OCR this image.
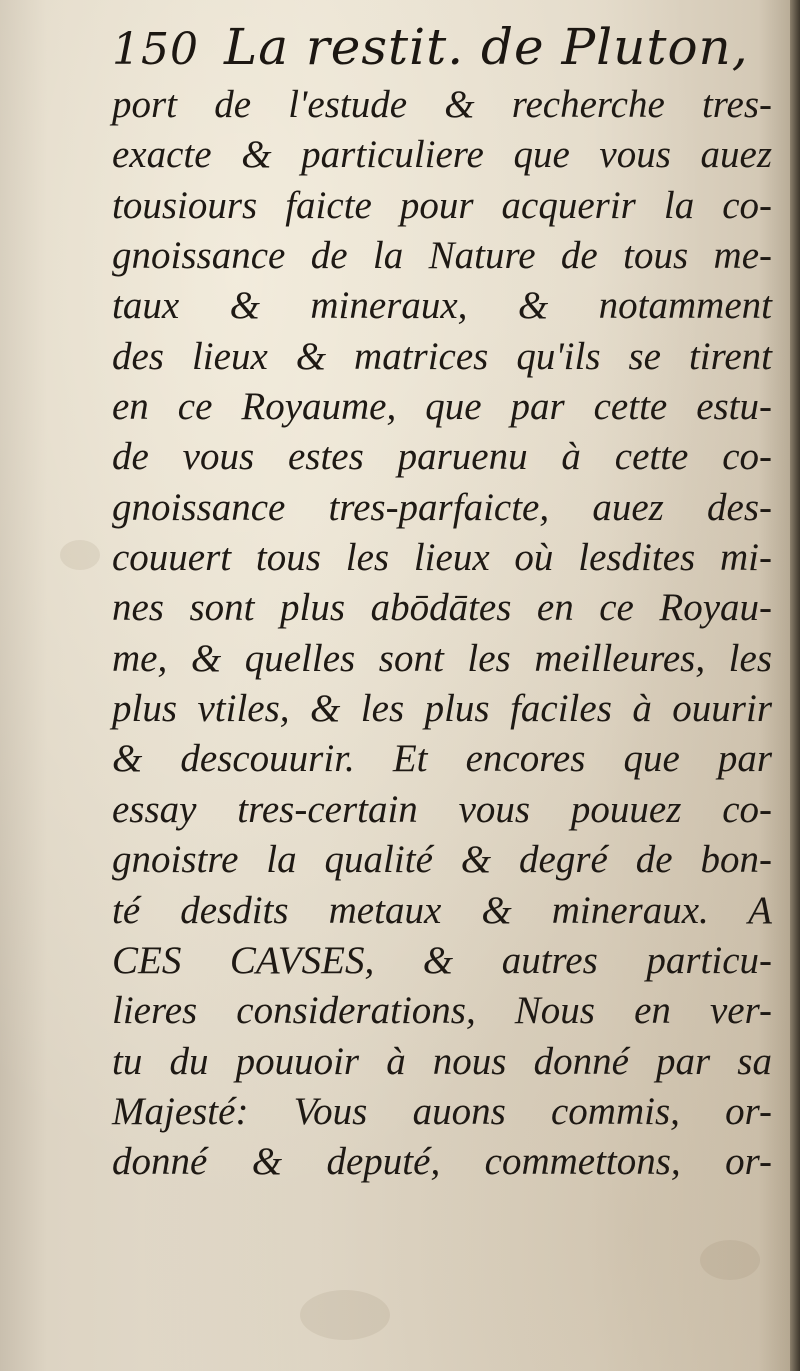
150 La restit. de Pluton,
port de l'estude & recherche tres-
exacte & particuliere que vous auez
tousiours faicte pour acquerir la co-
gnoissance de la Nature de tous me-
taux & mineraux, & notamment
des lieux & matrices qu'ils se tirent
en ce Royaume, que par cette estu-
de vous estes paruenu à cette co-
gnoissance tres-parfaicte, auez des-
couuert tous les lieux où lesdites mi-
nes sont plus abōdātes en ce Royau-
me, & quelles sont les meilleures, les
plus vtiles, & les plus faciles à ouurir
& descouurir. Et encores que par
essay tres-certain vous pouuez co-
gnoistre la qualité & degré de bon-
té desdits metaux & mineraux. A
CES CAVSES, & autres particu-
lieres considerations, Nous en ver-
tu du pouuoir à nous donné par sa
Majesté: Vous auons commis, or-
donné & deputé, commettons, or-
